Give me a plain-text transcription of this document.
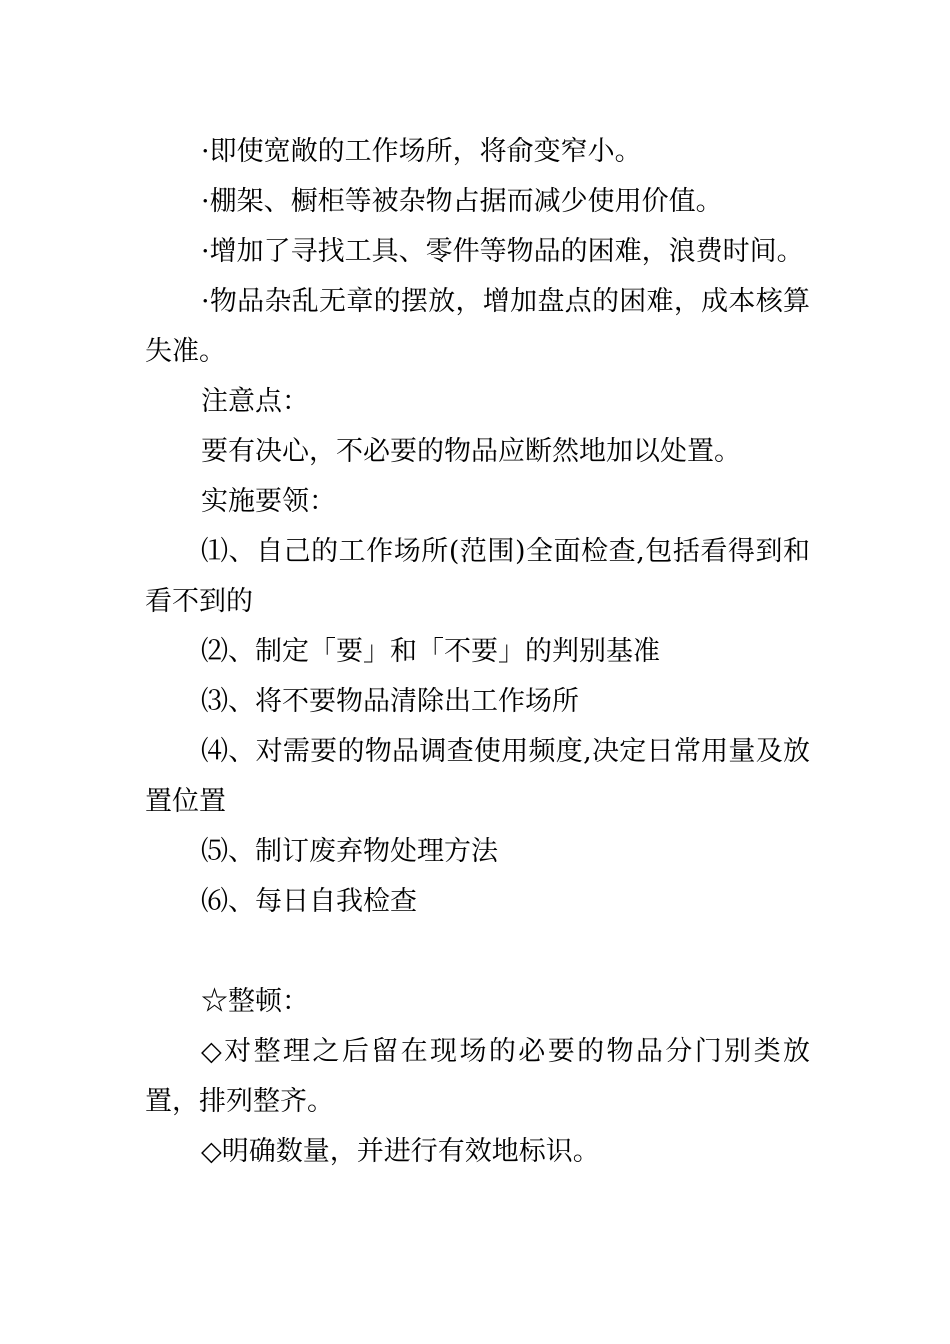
·即使宽敞的工作场所，将俞变窄小。

·棚架、橱柜等被杂物占据而减少使用价值。

·增加了寻找工具、零件等物品的困难，浪费时间。

·物品杂乱无章的摆放，增加盘点的困难，成本核算失准。

注意点：

要有决心，不必要的物品应断然地加以处置。

实施要领：

⑴、自己的工作场所(范围)全面检查,包括看得到和看不到的

⑵、制定「要」和「不要」的判别基准

⑶、将不要物品清除出工作场所

⑷、对需要的物品调查使用频度,决定日常用量及放置位置

⑸、制订废弃物处理方法

⑹、每日自我检查

☆整顿：

◇对整理之后留在现场的必要的物品分门别类放置，排列整齐。

◇明确数量，并进行有效地标识。
